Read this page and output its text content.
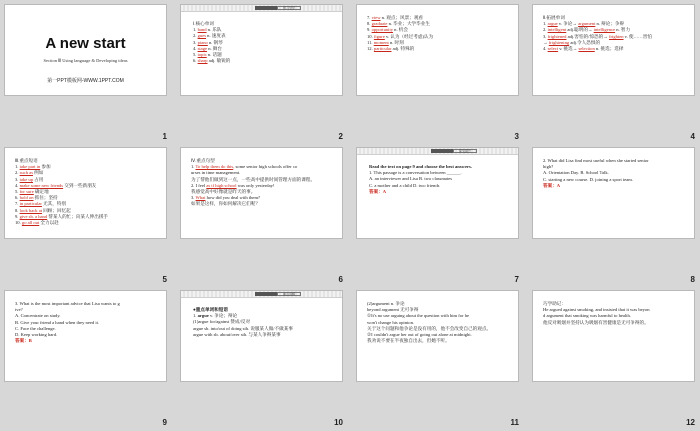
A new start
Section Ⅲ Using language & Developing ideas
第一PPT模板网-WWW.1PPT.COM
1
预习导学
Ⅰ.核心单词
1. band n. 乐队
2. gues n. 速度表
3. piano n. 钢琴
4. stage n. 舞台
5. topic n. 话题
6. sharp adj. 敏锐的
2
7. view n. 观点；风景；观看
8. graduate n. 毕业；大学毕业生
9. opportunity n. 机会
10. figure v. 认为（经过考虑)认为
11. moment n. 时刻
12. particular adj. 特殊的
3
Ⅱ.拓展单词
1. argue v. 争论→ argument n. 辩论；争辩
2. intelligent adj.聪明的→ intelligence n. 智力
3. frightened adj.害怕的/惊恐的→ frighten v. 使……害怕
→ frightening adj.令人恐惧的
4. select v. 挑选→ selection n. 挑选；选择
4
Ⅲ.重点短语
1. take part in 参加
2. such as 例如
3. take up 占用
4. make some new friends 交到一些新朋友
5. for sure 确定地
6. hold on 抓住；坚持
7. in particular 尤其，特别
8. look back at 回顾；回忆起
9. give sb. a hand 帮某人的忙；向某人伸出援手
10. go all out 全力以赴
5
Ⅳ.重点句型
1. To help them do this, some senior high schools offer co
urses in time management.
为了帮他们做到这一点，一些高中提供时间管理方面的课程。
2. I feel as if high school was only yesterday!
我感觉高中好像就是昨天的事。
3. What how did you deal with them?
如果是这样，你如何解决它们呢？
6
探究提升
Read the text on page 9 and choose the best answers.
1. This passage is a conversation between ______.
A. an interviewer and Lisa B. two classmates
C. a mother and a child D. two friends
答案：A
7
2. What did Lisa find most useful when she started senior
high?
A. Orientation Day. B. School Talk.
C. starting a new course. D. joining a sport team.
答案：A
8
3. What is the most important advice that Lisa wants to g
ive?
A. Concentrate on study.
B. Give your friend a hand when they need it.
C. Face the challenge.
D. Keep working hard.
答案：B
9
重点讲解
●重点单词和短语
1. argue v. 争论；辩论
(1)argue for/against 赞成/反对
argue sb. into/out of doing sth. 说服某人做/不做某事
argue with sb. about/over sth. 与某人争辩某事
10
(2)argument n. 争论
beyond argument 无可争辩
①It's no use arguing about the question with him for he
won't change his opinion.
关于这个问题和他争论是没有用的，他不会改变自己的观点。
②I couldn't argue her out of going out alone at midnight.
我劝说不要在半夜独自出去，但她不听。
11
巧学助记：
He argued against smoking, and insisted that it was beyon
d argument that smoking was harmful to health.
他反对吸烟并坚持认为吸烟有害健康是无可争辩的。
12
